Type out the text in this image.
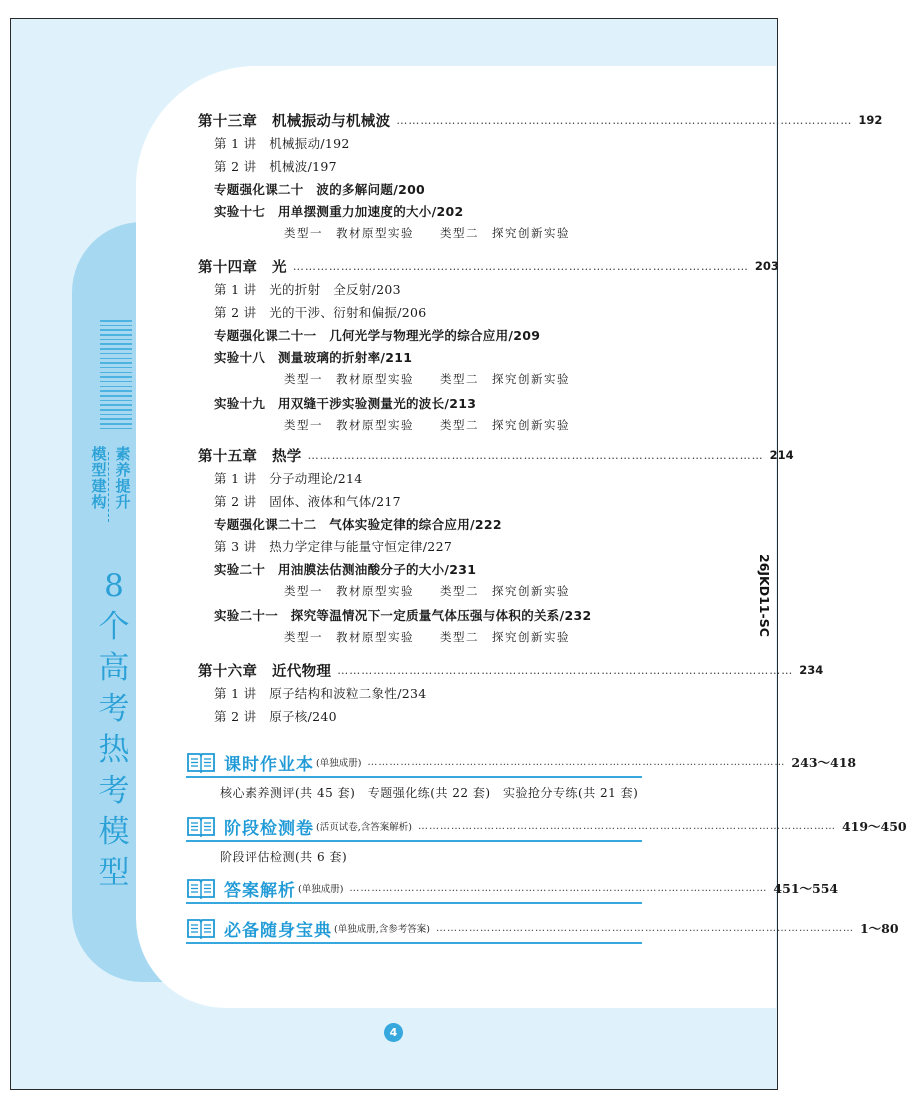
模
型
建
构
素
养
提
升
8
个
高
考
热
考
模
型
26JKD11-SC
4
第十三章　机械振动与机械波 …………………………………………………………………………………………………… 192
第 1 讲　机械振动/192
第 2 讲　机械波/197
专题强化课二十　波的多解问题/200
实验十七　用单摆测重力加速度的大小/202
类型一　教材原型实验　　类型二　探究创新实验
第十四章　光 …………………………………………………………………………………………………… 203
第 1 讲　光的折射　全反射/203
第 2 讲　光的干涉、衍射和偏振/206
专题强化课二十一　几何光学与物理光学的综合应用/209
实验十八　测量玻璃的折射率/211
类型一　教材原型实验　　类型二　探究创新实验
实验十九　用双缝干涉实验测量光的波长/213
类型一　教材原型实验　　类型二　探究创新实验
第十五章　热学 …………………………………………………………………………………………………… 214
第 1 讲　分子动理论/214
第 2 讲　固体、液体和气体/217
专题强化课二十二　气体实验定律的综合应用/222
第 3 讲　热力学定律与能量守恒定律/227
实验二十　用油膜法估测油酸分子的大小/231
类型一　教材原型实验　　类型二　探究创新实验
实验二十一　探究等温情况下一定质量气体压强与体积的关系/232
类型一　教材原型实验　　类型二　探究创新实验
第十六章　近代物理 …………………………………………………………………………………………………… 234
第 1 讲　原子结构和波粒二象性/234
第 2 讲　原子核/240
课时作业本 (单独成册) …………………………………………………………………………………………………… 243～418
核心素养测评(共 45 套)　专题强化练(共 22 套)　实验抢分专练(共 21 套)
阶段检测卷 (活页试卷,含答案解析) …………………………………………………………………………………………………… 419～450
阶段评估检测(共 6 套)
答案解析 (单独成册) …………………………………………………………………………………………………… 451～554
必备随身宝典 (单独成册,含参考答案) …………………………………………………………………………………………………… 1～80
